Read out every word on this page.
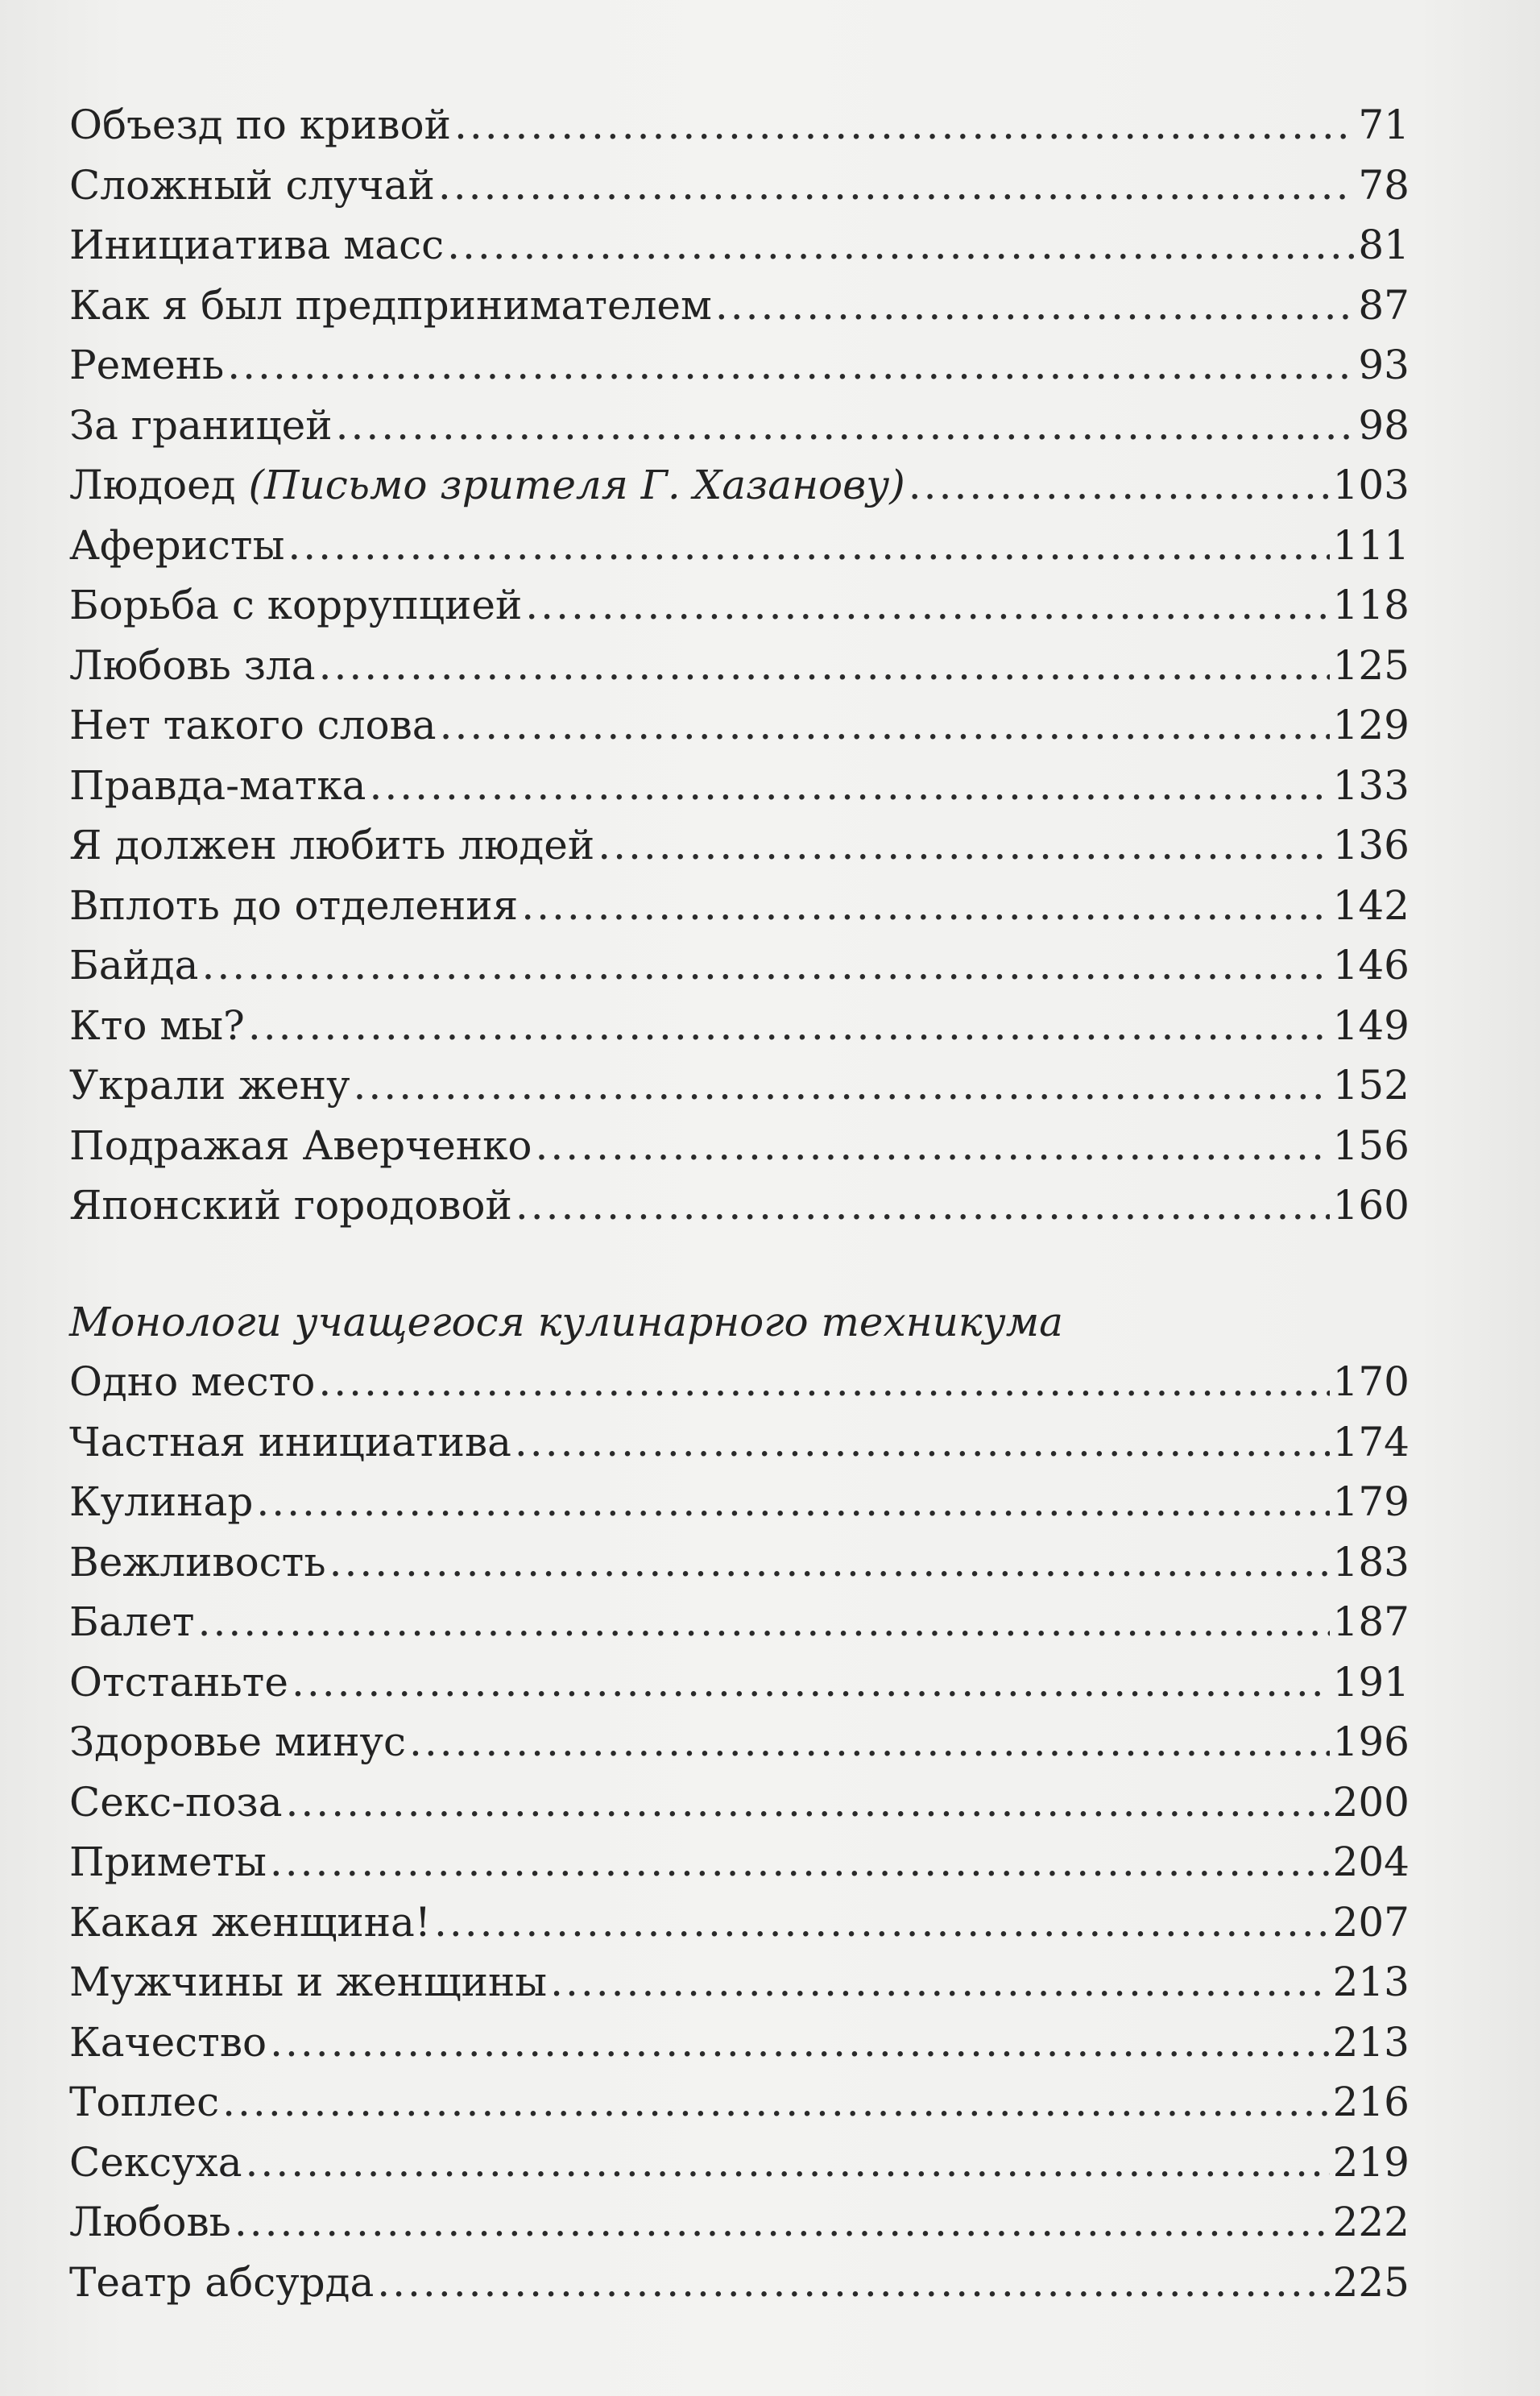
Объезд по кривой .....	71
Сложный случай .....	78
Инициатива масс .....	81
Как я был предпринимателем .....	87
Ремень .....	93
За границей .....	98
Людоед (Письмо зрителя Г. Хазанову) .....	103
Аферисты .....	111
Борьба с коррупцией .....	118
Любовь зла .....	125
Нет такого слова .....	129
Правда-матка .....	133
Я должен любить людей .....	136
Вплоть до отделения .....	142
Байда .....	146
Кто мы? .....	149
Украли жену .....	152
Подражая Аверченко .....	156
Японский городовой .....	160
Монологи учащегося кулинарного техникума
Одно место .....	170
Частная инициатива .....	174
Кулинар .....	179
Вежливость .....	183
Балет .....	187
Отстаньте .....	191
Здоровье минус .....	196
Секс-поза .....	200
Приметы .....	204
Какая женщина! .....	207
Мужчины и женщины .....	213
Качество .....	213
Топлес .....	216
Сексуха .....	219
Любовь .....	222
Театр абсурда .....	225
